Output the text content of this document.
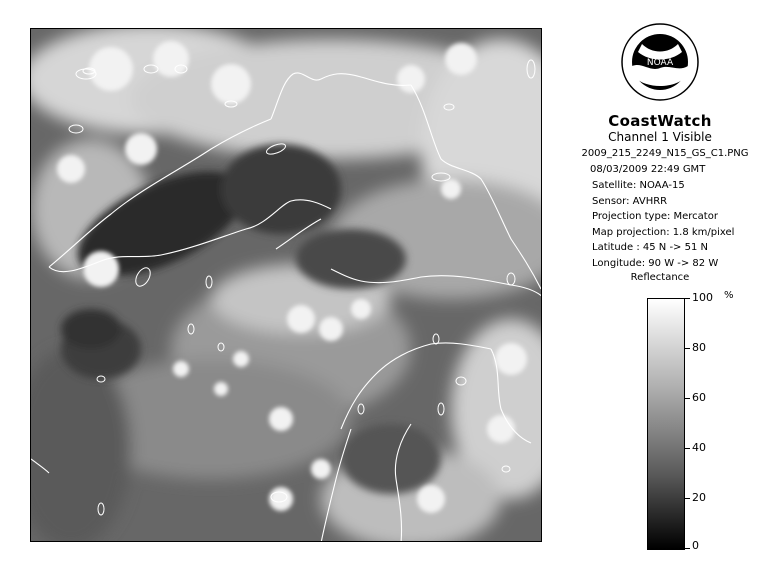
NOAA
CoastWatch
Channel 1 Visible
2009_215_2249_N15_GS_C1.PNG
08/03/2009 22:49 GMT
Satellite: NOAA-15
Sensor: AVHRR
Projection type: Mercator
Map projection: 1.8 km/pixel
Latitude : 45 N -> 51 N
Longitude: 90 W -> 82 W
Reflectance
%
100
80
60
40
20
0
